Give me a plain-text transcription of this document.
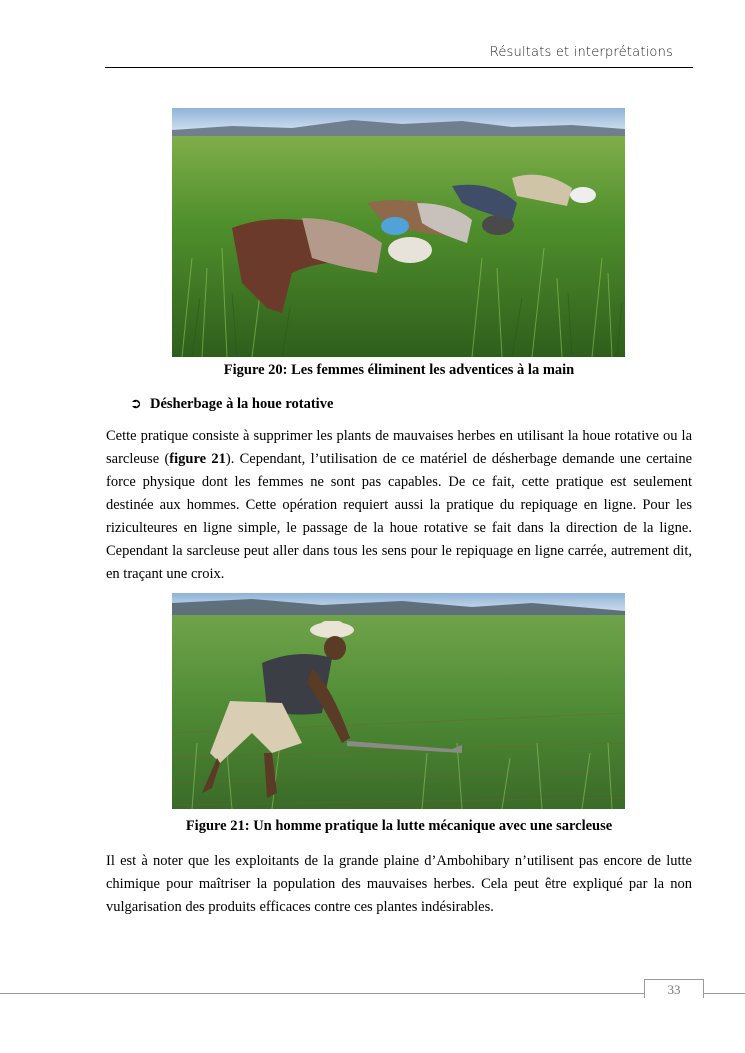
Résultats et interprétations
Figure 20: Les femmes éliminent les adventices à la main
➲ Désherbage à la houe rotative

Cette pratique consiste à supprimer les plants de mauvaises herbes en utilisant la houe rotative ou la sarcleuse (figure 21). Cependant, l’utilisation de ce matériel de désherbage demande une certaine force physique dont les femmes ne sont pas capables. De ce fait, cette pratique est seulement destinée aux hommes. Cette opération requiert aussi la pratique du repiquage en ligne. Pour les riziculteures en ligne simple, le passage de la houe rotative se fait dans la direction de la ligne. Cependant la sarcleuse peut aller dans tous les sens pour le repiquage en ligne carrée, autrement dit, en traçant une croix.

Figure 21: Un homme pratique la lutte mécanique avec une sarcleuse

Il est à noter que les exploitants de la grande plaine d’Ambohibary n’utilisent pas encore de lutte chimique pour maîtriser la population des mauvaises herbes. Cela peut être expliqué par la non vulgarisation des produits efficaces contre ces plantes indésirables.

33
